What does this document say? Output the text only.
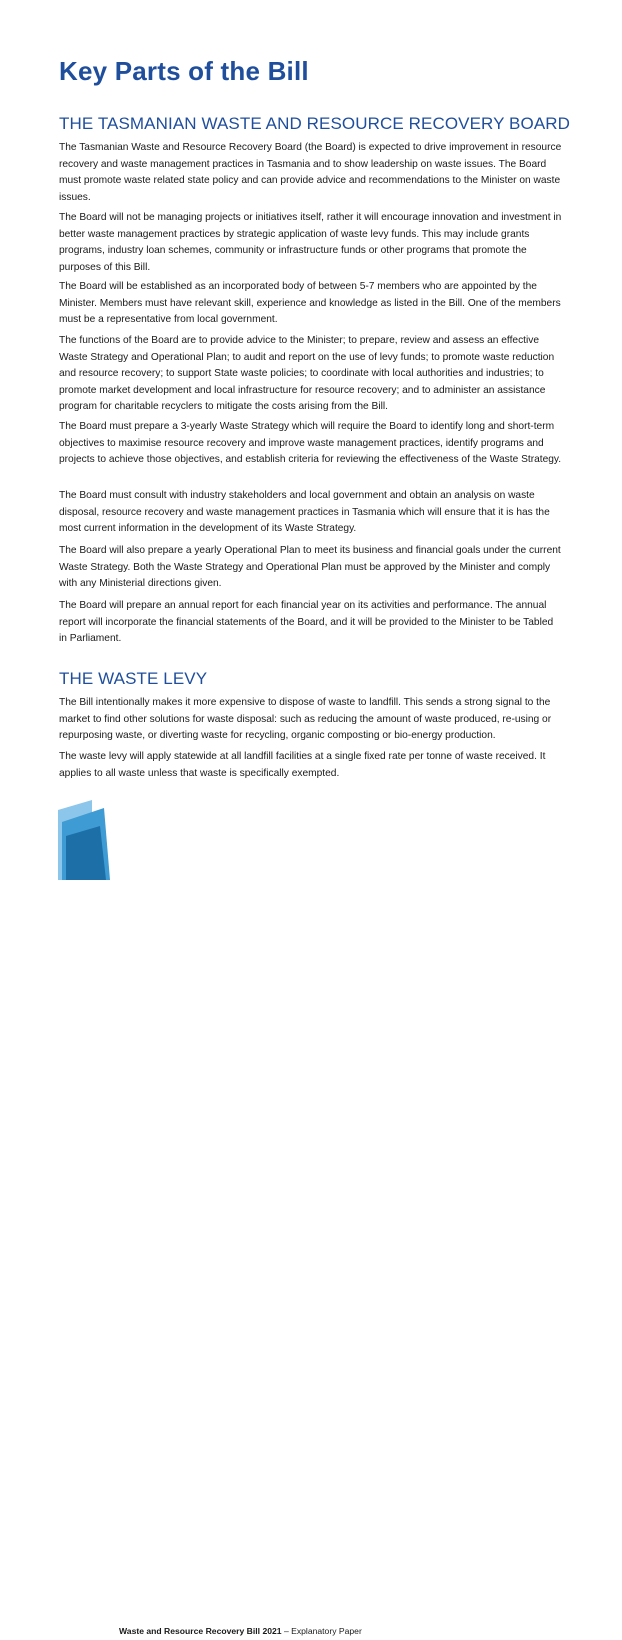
Key Parts of the Bill
THE TASMANIAN WASTE AND RESOURCE RECOVERY BOARD

The Tasmanian Waste and Resource Recovery Board (the Board) is expected to drive improvement in resource recovery and waste management practices in Tasmania and to show leadership on waste issues. The Board must promote waste related state policy and can provide advice and recommendations to the Minister on waste issues.

The Board will not be managing projects or initiatives itself, rather it will encourage innovation and investment in better waste management practices by strategic application of waste levy funds. This may include grants programs, industry loan schemes, community or infrastructure funds or other programs that promote the purposes of this Bill.

The Board will be established as an incorporated body of between 5-7 members who are appointed by the Minister. Members must have relevant skill, experience and knowledge as listed in the Bill. One of the members must be a representative from local government.

The functions of the Board are to provide advice to the Minister; to prepare, review and assess an effective Waste Strategy and Operational Plan; to audit and report on the use of levy funds; to promote waste reduction and resource recovery; to support State waste policies; to coordinate with local authorities and industries; to promote market development and local infrastructure for resource recovery; and to administer an assistance program for charitable recyclers to mitigate the costs arising from the Bill.

The Board must prepare a 3-yearly Waste Strategy which will require the Board to identify long and short-term objectives to maximise resource recovery and improve waste management practices, identify programs and projects to achieve those objectives, and establish criteria for reviewing the effectiveness of the Waste Strategy.

The Board must consult with industry stakeholders and local government and obtain an analysis on waste disposal, resource recovery and waste management practices in Tasmania which will ensure that it is has the most current information in the development of its Waste Strategy.

The Board will also prepare a yearly Operational Plan to meet its business and financial goals under the current Waste Strategy. Both the Waste Strategy and Operational Plan must be approved by the Minister and comply with any Ministerial directions given.

The Board will prepare an annual report for each financial year on its activities and performance. The annual report will incorporate the financial statements of the Board, and it will be provided to the Minister to be Tabled in Parliament.

THE WASTE LEVY

The Bill intentionally makes it more expensive to dispose of waste to landfill. This sends a strong signal to the market to find other solutions for waste disposal: such as reducing the amount of waste produced, re-using or repurposing waste, or diverting waste for recycling, organic composting or bio-energy production.

The waste levy will apply statewide at all landfill facilities at a single fixed rate per tonne of waste received. It applies to all waste unless that waste is specifically exempted.

8	Waste and Resource Recovery Bill 2021 – Explanatory Paper
